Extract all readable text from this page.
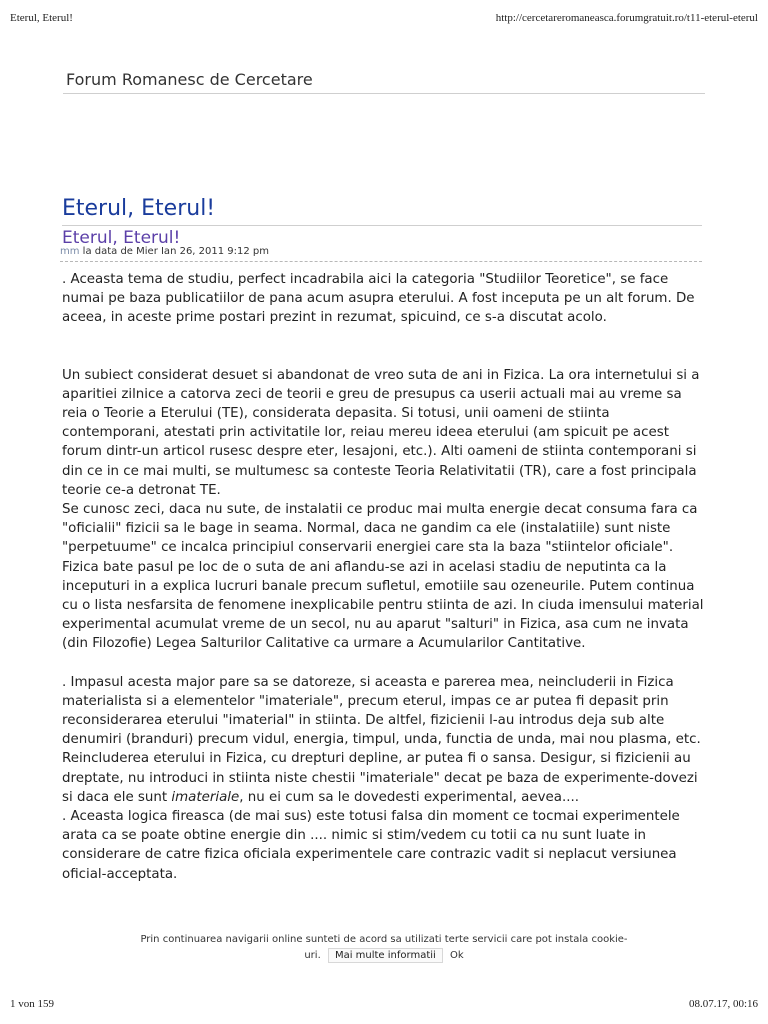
Eterul, Eterul!	http://cercetareromaneasca.forumgratuit.ro/t11-eterul-eterul
Forum Romanesc de Cercetare
Eterul, Eterul!
Eterul, Eterul!
mm la data de Mier Ian 26, 2011 9:12 pm

. Aceasta tema de studiu, perfect incadrabila aici la categoria "Studiilor Teoretice", se face numai pe baza publicatiilor de pana acum asupra eterului. A fost inceputa pe un alt forum. De aceea, in aceste prime postari prezint in rezumat, spicuind, ce s-a discutat acolo.

Un subiect considerat desuet si abandonat de vreo suta de ani in Fizica. La ora internetului si a aparitiei zilnice a catorva zeci de teorii e greu de presupus ca userii actuali mai au vreme sa reia o Teorie a Eterului (TE), considerata depasita. Si totusi, unii oameni de stiinta contemporani, atestati prin activitatile lor, reiau mereu ideea eterului (am spicuit pe acest forum dintr-un articol rusesc despre eter, lesajoni, etc.). Alti oameni de stiinta contemporani si din ce in ce mai multi, se multumesc sa conteste Teoria Relativitatii (TR), care a fost principala teorie ce-a detronat TE.

Se cunosc zeci, daca nu sute, de instalatii ce produc mai multa energie decat consuma fara ca "oficialii" fizicii sa le bage in seama. Normal, daca ne gandim ca ele (instalatiile) sunt niste "perpetuume" ce incalca principiul conservarii energiei care sta la baza "stiintelor oficiale". Fizica bate pasul pe loc de o suta de ani aflandu-se azi in acelasi stadiu de neputinta ca la inceputuri in a explica lucruri banale precum sufletul, emotiile sau ozeneurile. Putem continua cu o lista nesfarsita de fenomene inexplicabile pentru stiinta de azi. In ciuda imensului material experimental acumulat vreme de un secol, nu au aparut "salturi" in Fizica, asa cum ne invata (din Filozofie) Legea Salturilor Calitative ca urmare a Acumularilor Cantitative.

. Impasul acesta major pare sa se datoreze, si aceasta e parerea mea, neincluderii in Fizica materialista si a elementelor "imateriale", precum eterul, impas ce ar putea fi depasit prin reconsiderarea eterului "imaterial" in stiinta. De altfel, fizicienii l-au introdus deja sub alte denumiri (branduri) precum vidul, energia, timpul, unda, functia de unda, mai nou plasma, etc. Reincluderea eterului in Fizica, cu drepturi depline, ar putea fi o sansa. Desigur, si fizicienii au dreptate, nu introduci in stiinta niste chestii "imateriale" decat pe baza de experimente-dovezi si daca ele sunt imateriale, nu ei cum sa le dovedesti experimental, aevea....

. Aceasta logica fireasca (de mai sus) este totusi falsa din moment ce tocmai experimentele arata ca se poate obtine energie din .... nimic si stim/vedem cu totii ca nu sunt luate in considerare de catre fizica oficiala experimentele care contrazic vadit si neplacut versiunea oficial-acceptata.

Prin continuarea navigarii online sunteti de acord sa utilizati terte servicii care pot instala cookie-
uri. Mai multe informatii Ok
1 von 159	08.07.17, 00:16
